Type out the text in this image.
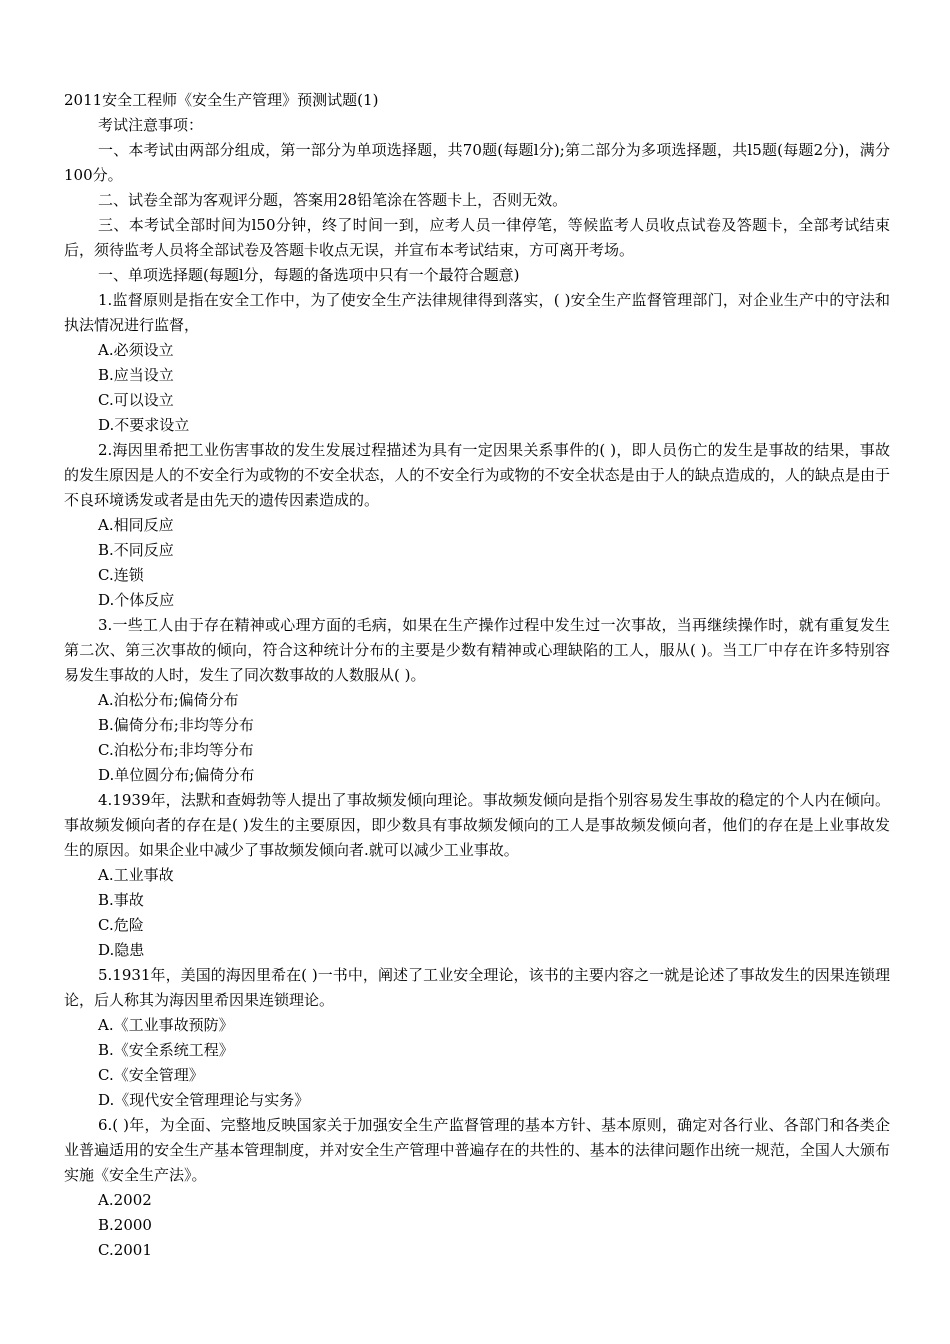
2011安全工程师《安全生产管理》预测试题(1)

考试注意事项：

一、本考试由两部分组成，第一部分为单项选择题，共70题(每题l分);第二部分为多项选择题，共l5题(每题2分)，满分100分。

二、试卷全部为客观评分题，答案用28铅笔涂在答题卡上，否则无效。

三、本考试全部时间为l50分钟，终了时间一到，应考人员一律停笔，等候监考人员收点试卷及答题卡，全部考试结束后，须待监考人员将全部试卷及答题卡收点无误，并宣布本考试结束，方可离开考场。

一、单项选择题(每题l分，每题的备选项中只有一个最符合题意)

1.监督原则是指在安全工作中，为了使安全生产法律规律得到落实，( )安全生产监督管理部门，对企业生产中的守法和执法情况进行监督，

A.必须设立

B.应当设立

C.可以设立

D.不要求设立

2.海因里希把工业伤害事故的发生发展过程描述为具有一定因果关系事件的( )，即人员伤亡的发生是事故的结果，事故的发生原因是人的不安全行为或物的不安全状态，人的不安全行为或物的不安全状态是由于人的缺点造成的，人的缺点是由于不良环境诱发或者是由先天的遗传因素造成的。

A.相同反应

B.不同反应

C.连锁

D.个体反应

3.一些工人由于存在精神或心理方面的毛病，如果在生产操作过程中发生过一次事故，当再继续操作时，就有重复发生第二次、第三次事故的倾向，符合这种统计分布的主要是少数有精神或心理缺陷的工人，服从( )。当工厂中存在许多特别容易发生事故的人时，发生了同次数事故的人数服从( )。

A.泊松分布;偏倚分布

B.偏倚分布;非均等分布

C.泊松分布;非均等分布

D.单位圆分布;偏倚分布

4.1939年，法默和查姆勃等人提出了事故频发倾向理论。事故频发倾向是指个别容易发生事故的稳定的个人内在倾向。事故频发倾向者的存在是( )发生的主要原因，即少数具有事故频发倾向的工人是事故频发倾向者，他们的存在是上业事故发生的原因。如果企业中减少了事故频发倾向者.就可以减少工业事故。

A.工业事故

B.事故

C.危险

D.隐患

5.1931年，美国的海因里希在( )一书中，阐述了工业安全理论，该书的主要内容之一就是论述了事故发生的因果连锁理论，后人称其为海因里希因果连锁理论。

A.《工业事故预防》

B.《安全系统工程》

C.《安全管理》

D.《现代安全管理理论与实务》

6.( )年，为全面、完整地反映国家关于加强安全生产监督管理的基本方针、基本原则，确定对各行业、各部门和各类企业普遍适用的安全生产基本管理制度，并对安全生产管理中普遍存在的共性的、基本的法律问题作出统一规范，全国人大颁布实施《安全生产法》。

A.2002

B.2000

C.2001
